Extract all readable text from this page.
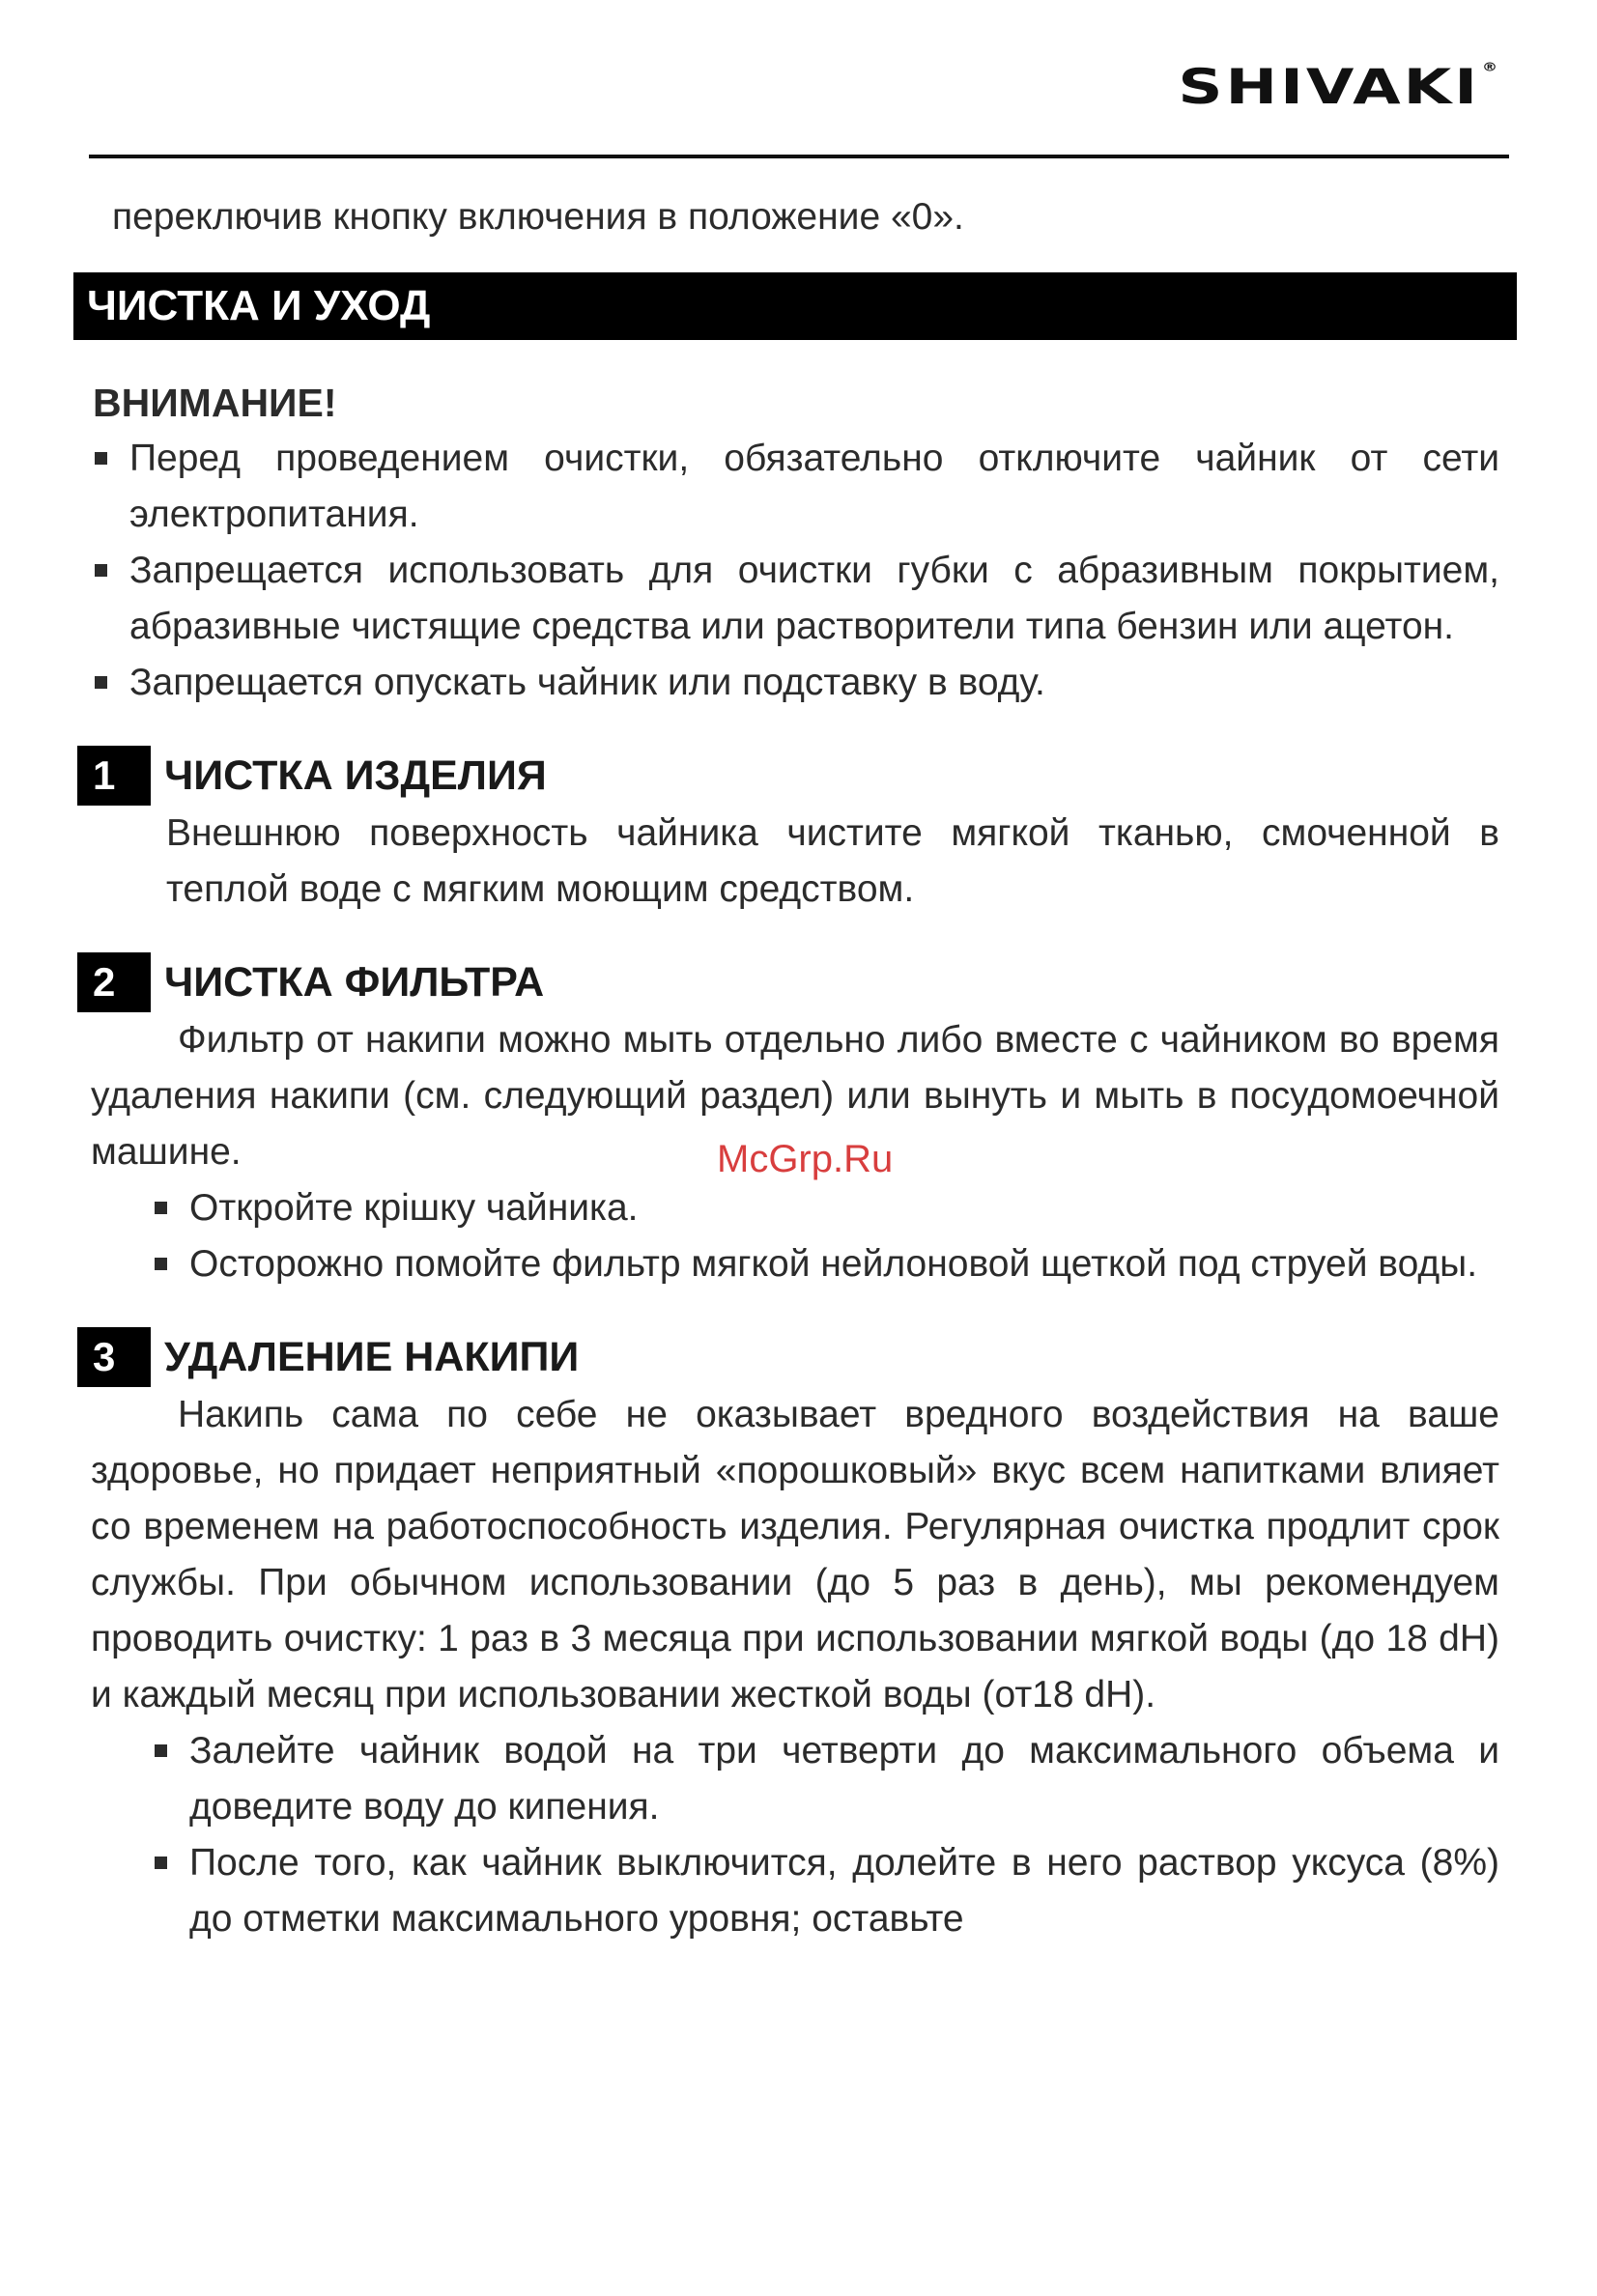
SHIVAKI ®
McGrp.Ru

переключив кнопку включения в положение «0».

ЧИСТКА И УХОД
ВНИМАНИЕ!
Перед проведением очистки, обязательно отключите чайник от сети электропитания.
Запрещается использовать для очистки губки с абразивным покрытием, абразивные чистящие средства или растворители типа бензин или ацетон.
Запрещается опускать чайник или подставку в воду.
1	ЧИСТКА ИЗДЕЛИЯ

Внешнюю поверхность чайника чистите мягкой тканью, смоченной в теплой воде с мягким моющим средством.

2	ЧИСТКА ФИЛЬТРА

Фильтр от накипи можно мыть отдельно либо вместе с чайником во время удаления накипи (см. следующий раздел) или вынуть и мыть в посудомоечной машине.

Откройте крішку чайника.
Осторожно помойте фильтр мягкой нейлоновой щеткой под струей воды.
3	УДАЛЕНИЕ НАКИПИ

Накипь сама по себе не оказывает вредного воздействия на ваше здоровье, но придает неприятный «порошковый» вкус всем напитками влияет со временем на работоспособность изделия. Регулярная очистка продлит срок службы. При обычном использовании (до 5 раз в день), мы рекомендуем проводить очистку: 1 раз в 3 месяца при использовании мягкой воды (до 18 dH) и каждый месяц при использовании жесткой воды (от18 dH).

Залейте чайник водой на три четверти до максимального объема и доведите воду до кипения.
После того, как чайник выключится, долейте в него раствор уксуса (8%) до отметки максимального уровня; оставьте
